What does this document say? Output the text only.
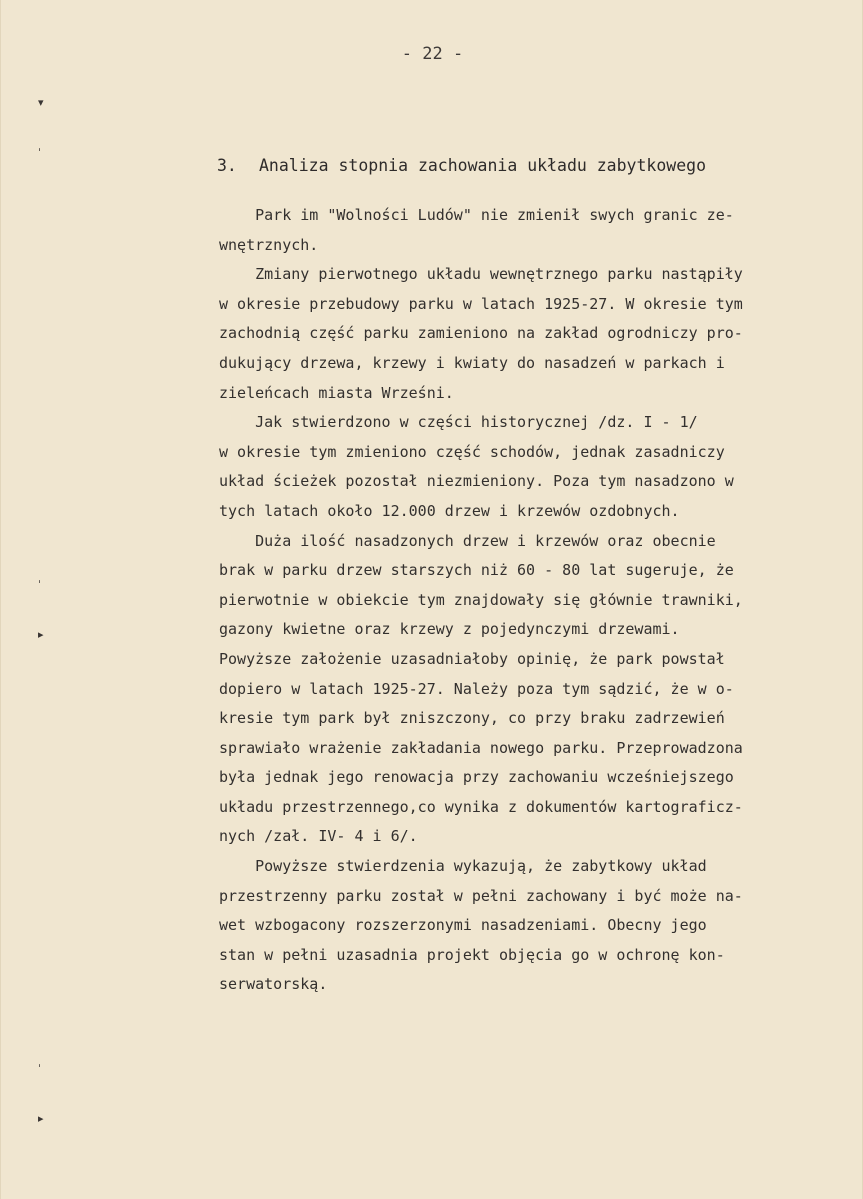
- 22 -
3. Analiza stopnia zachowania układu zabytkowego
Park im "Wolności Ludów" nie zmienił swych granic ze-
wnętrznych.
Zmiany pierwotnego układu wewnętrznego parku nastąpiły
w okresie przebudowy parku w latach 1925-27. W okresie tym
zachodnią część parku zamieniono na zakład ogrodniczy pro-
dukujący drzewa, krzewy i kwiaty do nasadzeń w parkach i
zieleńcach miasta Wrześni.
Jak stwierdzono w części historycznej /dz. I - 1/
w okresie tym zmieniono część schodów, jednak zasadniczy
układ ścieżek pozostał niezmieniony. Poza tym nasadzono w
tych latach około 12.000 drzew i krzewów ozdobnych.
Duża ilość nasadzonych drzew i krzewów oraz obecnie
brak w parku drzew starszych niż 60 - 80 lat sugeruje, że
pierwotnie w obiekcie tym znajdowały się głównie trawniki,
gazony kwietne oraz krzewy z pojedynczymi drzewami.
Powyższe założenie uzasadniałoby opinię, że park powstał
dopiero w latach 1925-27. Należy poza tym sądzić, że w o-
kresie tym park był zniszczony, co przy braku zadrzewień
sprawiało wrażenie zakładania nowego parku. Przeprowadzona
była jednak jego renowacja przy zachowaniu wcześniejszego
układu przestrzennego,co wynika z dokumentów kartograficz-
nych /zał. IV- 4 i 6/.
Powyższe stwierdzenia wykazują, że zabytkowy układ
przestrzenny parku został w pełni zachowany i być może na-
wet wzbogacony rozszerzonymi nasadzeniami. Obecny jego
stan w pełni uzasadnia projekt objęcia go w ochronę kon-
serwatorską.
▾
ˈ
ˈ
▸
ˈ
▸
